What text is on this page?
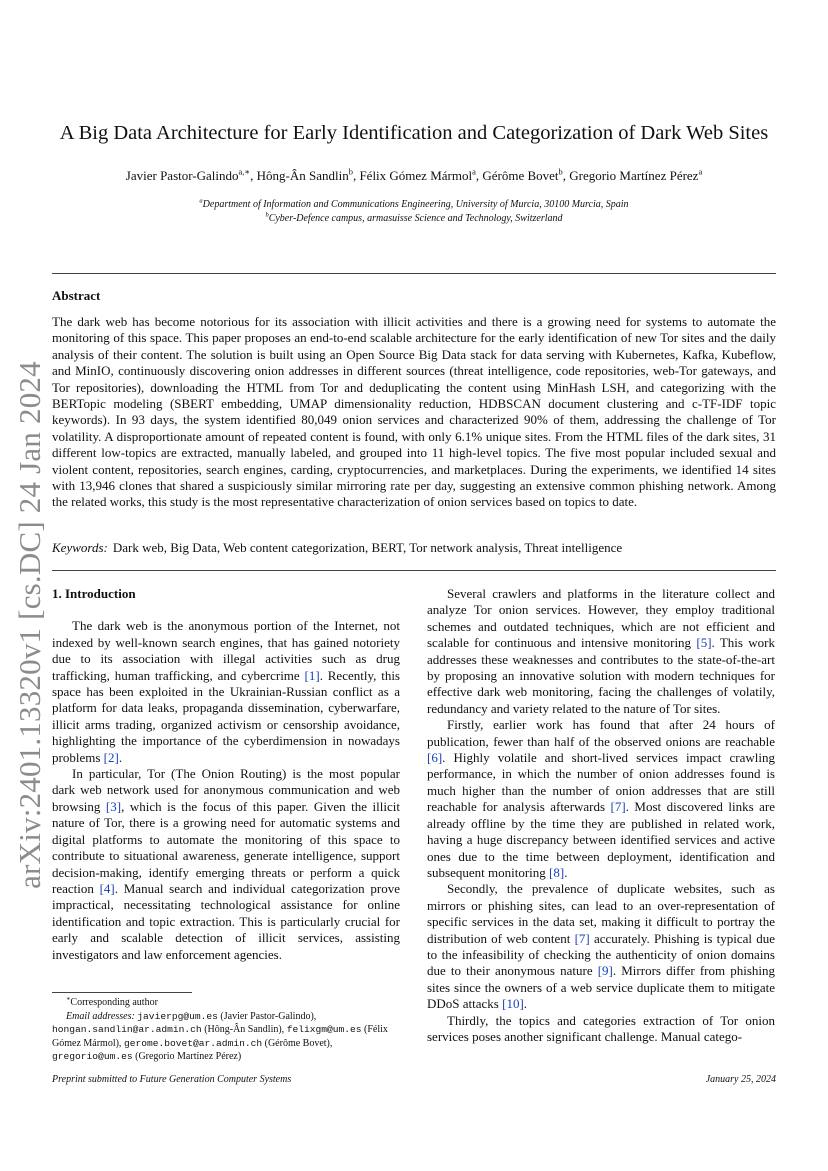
arXiv:2401.13320v1 [cs.DC] 24 Jan 2024
A Big Data Architecture for Early Identification and Categorization of Dark Web Sites
Javier Pastor-Galindo$^{a,∗}$, Hông-Ân Sandlin$^b$, Félix Gómez Mármol$^a$, Gérôme Bovet$^b$, Gregorio Martínez Pérez$^a$
$^a$Department of Information and Communications Engineering, University of Murcia, 30100 Murcia, Spain
$^b$Cyber-Defence campus, armasuisse Science and Technology, Switzerland
Abstract
The dark web has become notorious for its association with illicit activities and there is a growing need for systems to automate the monitoring of this space. This paper proposes an end-to-end scalable architecture for the early identification of new Tor sites and the daily analysis of their content. The solution is built using an Open Source Big Data stack for data serving with Kubernetes, Kafka, Kubeflow, and MinIO, continuously discovering onion addresses in different sources (threat intelligence, code repositories, web-Tor gateways, and Tor repositories), downloading the HTML from Tor and deduplicating the content using MinHash LSH, and categorizing with the BERTopic modeling (SBERT embedding, UMAP dimensionality reduction, HDBSCAN document clustering and c-TF-IDF topic keywords). In 93 days, the system identified 80,049 onion services and characterized 90% of them, addressing the challenge of Tor volatility. A disproportionate amount of repeated content is found, with only 6.1% unique sites. From the HTML files of the dark sites, 31 different low-topics are extracted, manually labeled, and grouped into 11 high-level topics. The five most popular included sexual and violent content, repositories, search engines, carding, cryptocurrencies, and marketplaces. During the experiments, we identified 14 sites with 13,946 clones that shared a suspiciously similar mirroring rate per day, suggesting an extensive common phishing network. Among the related works, this study is the most representative characterization of onion services based on topics to date.
Keywords: Dark web, Big Data, Web content categorization, BERT, Tor network analysis, Threat intelligence
1. Introduction

The dark web is the anonymous portion of the Internet, not indexed by well-known search engines, that has gained notoriety due to its association with illegal activities such as drug trafficking, human trafficking, and cybercrime [1]. Recently, this space has been exploited in the Ukrainian-Russian conflict as a platform for data leaks, propaganda dissemination, cyberwarfare, illicit arms trading, organized activism or censorship avoidance, highlighting the importance of the cyberdimension in nowadays problems [2].

In particular, Tor (The Onion Routing) is the most popular dark web network used for anonymous communication and web browsing [3], which is the focus of this paper. Given the illicit nature of Tor, there is a growing need for automatic systems and digital platforms to automate the monitoring of this space to contribute to situational awareness, generate intelligence, support decision-making, identify emerging threats or perform a quick reaction [4]. Manual search and individual categorization prove impractical, necessitating technological assistance for online identification and topic extraction. This is particularly crucial for early and scalable detection of illicit services, assisting investigators and law enforcement agencies.

Several crawlers and platforms in the literature collect and analyze Tor onion services. However, they employ traditional schemes and outdated techniques, which are not efficient and scalable for continuous and intensive monitoring [5]. This work addresses these weaknesses and contributes to the state-of-the-art by proposing an innovative solution with modern techniques for effective dark web monitoring, facing the challenges of volatily, redundancy and variety related to the nature of Tor sites.

Firstly, earlier work has found that after 24 hours of publication, fewer than half of the observed onions are reachable [6]. Highly volatile and short-lived services impact crawling performance, in which the number of onion addresses found is much higher than the number of onion addresses that are still reachable for analysis afterwards [7]. Most discovered links are already offline by the time they are published in related work, having a huge discrepancy between identified services and active ones due to the time between deployment, identification and subsequent monitoring [8].

Secondly, the prevalence of duplicate websites, such as mirrors or phishing sites, can lead to an over-representation of specific services in the data set, making it difficult to portray the distribution of web content [7] accurately. Phishing is typical due to the infeasibility of checking the authenticity of onion domains due to their anonymous nature [9]. Mirrors differ from phishing sites since the owners of a web service duplicate them to mitigate DDoS attacks [10].

Thirdly, the topics and categories extraction of Tor onion services poses another significant challenge. Manual catego-

∗Corresponding author
Email addresses: javierpg@um.es (Javier Pastor-Galindo), hongan.sandlin@ar.admin.ch (Hông-Ân Sandlin), felixgm@um.es (Félix Gómez Mármol), gerome.bovet@ar.admin.ch (Gérôme Bovet), gregorio@um.es (Gregorio Martínez Pérez)
Preprint submitted to Future Generation Computer Systems	January 25, 2024
